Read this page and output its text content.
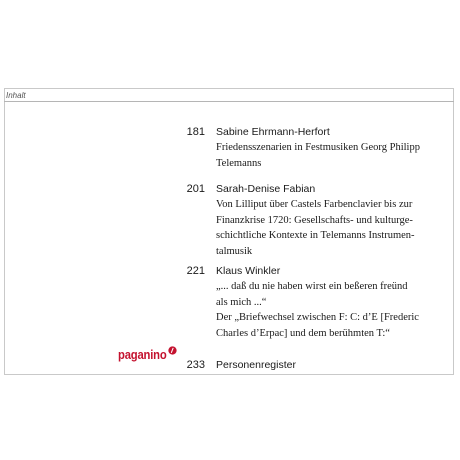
Inhalt
181 Sabine Ehrmann-Herfort
Friedensszenarien in Festmusiken Georg Philipp
Telemanns
201 Sarah-Denise Fabian
Von Lilliput über Castels Farbenclavier bis zur
Finanzkrise 1720: Gesellschafts- und kulturge-
schichtliche Kontexte in Telemanns Instrumen-
talmusik
221 Klaus Winkler
„... daß du nie haben wirst ein beßeren freünd
als mich ...“
Der „Briefwechsel zwischen F: C: d’E [Frederic
Charles d’Erpac] und dem berühmten T:“
233 Personenregister
paganino
